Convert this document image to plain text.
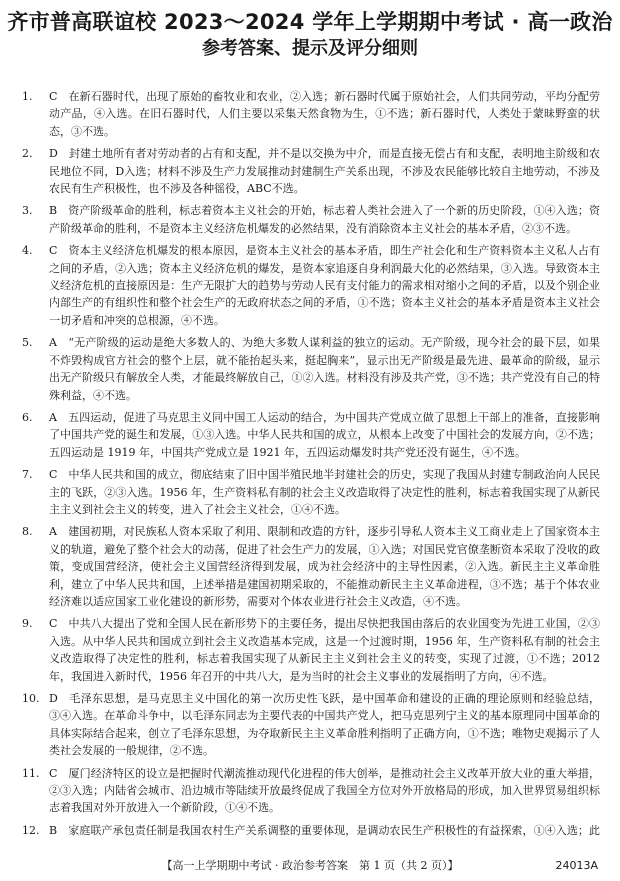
齐市普高联谊校 2023～2024 学年上学期期中考试 · 高一政治
参考答案、提示及评分细则
1. C　在新石器时代，出现了原始的畜牧业和农业，②入选；新石器时代属于原始社会，人们共同劳动，平均分配劳动产品，④入选。在旧石器时代，人们主要以采集天然食物为生，①不选；新石器时代，人类处于蒙昧野蛮的状态，③不选。
2. D　封建土地所有者对劳动者的占有和支配，并不是以交换为中介，而是直接无偿占有和支配，表明地主阶级和农民地位不同，D入选；材料不涉及生产力发展推动封建制生产关系出现，不涉及农民能够比较自主地劳动，不涉及农民有生产积极性，也不涉及各种徭役，ABC不选。
3. B　资产阶级革命的胜利，标志着资本主义社会的开始，标志着人类社会进入了一个新的历史阶段，①④入选；资产阶级革命的胜利，不是资本主义经济危机爆发的必然结果，没有消除资本主义社会的基本矛盾，②③不选。
4. C　资本主义经济危机爆发的根本原因，是资本主义社会的基本矛盾，即生产社会化和生产资料资本主义私人占有之间的矛盾，②入选；资本主义经济危机的爆发，是资本家追逐自身利润最大化的必然结果，③入选。导致资本主义经济危机的直接原因是：生产无限扩大的趋势与劳动人民有支付能力的需求相对缩小之间的矛盾，以及个别企业内部生产的有组织性和整个社会生产的无政府状态之间的矛盾，①不选；资本主义社会的基本矛盾是资本主义社会一切矛盾和冲突的总根源，④不选。
5. A　“无产阶级的运动是绝大多数人的、为绝大多数人谋利益的独立的运动。无产阶级，现今社会的最下层，如果不炸毁构成官方社会的整个上层，就不能抬起头来，挺起胸来”，显示出无产阶级是最先进、最革命的阶级，显示出无产阶级只有解放全人类，才能最终解放自己，①②入选。材料没有涉及共产党，③不选；共产党没有自己的特殊利益，④不选。
6. A　五四运动，促进了马克思主义同中国工人运动的结合，为中国共产党成立做了思想上干部上的准备，直接影响了中国共产党的诞生和发展，①③入选。中华人民共和国的成立，从根本上改变了中国社会的发展方向，②不选；五四运动是 1919 年，中国共产党成立是 1921 年，五四运动爆发时共产党还没有诞生，④不选。
7. C　中华人民共和国的成立，彻底结束了旧中国半殖民地半封建社会的历史，实现了我国从封建专制政治向人民民主的飞跃，②③入选。1956 年，生产资料私有制的社会主义改造取得了决定性的胜利，标志着我国实现了从新民主主义到社会主义的转变，进入了社会主义社会，①④不选。
8. A　建国初期，对民族私人资本采取了利用、限制和改造的方针，逐步引导私人资本主义工商业走上了国家资本主义的轨道，避免了整个社会大的动荡，促进了社会生产力的发展，①入选；对国民党官僚垄断资本采取了没收的政策，变成国营经济，使社会主义国营经济得到发展，成为社会经济中的主导性因素，②入选。新民主主义革命胜利，建立了中华人民共和国，上述举措是建国初期采取的，不能推动新民主主义革命进程，③不选；基于个体农业经济难以适应国家工业化建设的新形势，需要对个体农业进行社会主义改造，④不选。
9. C　中共八大提出了党和全国人民在新形势下的主要任务，提出尽快把我国由落后的农业国变为先进工业国，②③入选。从中华人民共和国成立到社会主义改造基本完成，这是一个过渡时期，1956 年，生产资料私有制的社会主义改造取得了决定性的胜利，标志着我国实现了从新民主主义到社会主义的转变，实现了过渡，①不选；2012 年，我国进入新时代，1956 年召开的中共八大，是为当时的社会主义事业的发展指明了方向，④不选。
10. D　毛泽东思想，是马克思主义中国化的第一次历史性飞跃，是中国革命和建设的正确的理论原则和经验总结，③④入选。在革命斗争中，以毛泽东同志为主要代表的中国共产党人，把马克思列宁主义的基本原理同中国革命的具体实际结合起来，创立了毛泽东思想，为夺取新民主主义革命胜利指明了正确方向，①不选；唯物史观揭示了人类社会发展的一般规律，②不选。
11. C　厦门经济特区的设立是把握时代潮流推动现代化进程的伟大创举，是推动社会主义改革开放大业的重大举措，②③入选；内陆省会城市、沿边城市等陆续开放最终促成了我国全方位对外开放格局的形成，加入世界贸易组织标志着我国对外开放进入一个新阶段，①④不选。
12. B　家庭联产承包责任制是我国农村生产关系调整的重要体现，是调动农民生产积极性的有益探索，①④入选；此
【高一上学期期中考试 · 政治参考答案　第 1 页（共 2 页）】	24013A
